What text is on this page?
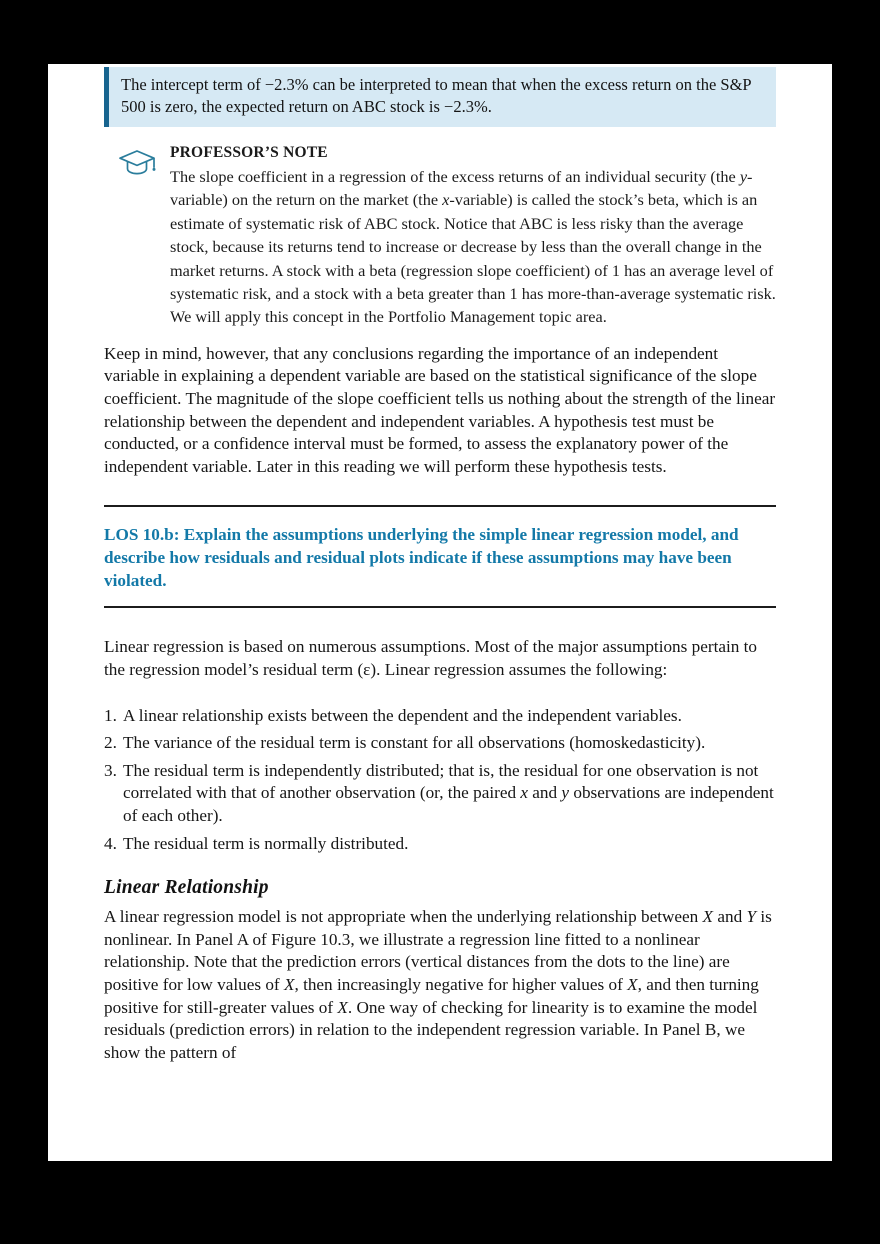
The intercept term of −2.3% can be interpreted to mean that when the excess return on the S&P 500 is zero, the expected return on ABC stock is −2.3%.
PROFESSOR’S NOTE

The slope coefficient in a regression of the excess returns of an individual security (the y-variable) on the return on the market (the x-variable) is called the stock’s beta, which is an estimate of systematic risk of ABC stock. Notice that ABC is less risky than the average stock, because its returns tend to increase or decrease by less than the overall change in the market returns. A stock with a beta (regression slope coefficient) of 1 has an average level of systematic risk, and a stock with a beta greater than 1 has more-than-average systematic risk. We will apply this concept in the Portfolio Management topic area.

Keep in mind, however, that any conclusions regarding the importance of an independent variable in explaining a dependent variable are based on the statistical significance of the slope coefficient. The magnitude of the slope coefficient tells us nothing about the strength of the linear relationship between the dependent and independent variables. A hypothesis test must be conducted, or a confidence interval must be formed, to assess the explanatory power of the independent variable. Later in this reading we will perform these hypothesis tests.

LOS 10.b: Explain the assumptions underlying the simple linear regression model, and describe how residuals and residual plots indicate if these assumptions may have been violated.

Linear regression is based on numerous assumptions. Most of the major assumptions pertain to the regression model’s residual term (ε). Linear regression assumes the following:

A linear relationship exists between the dependent and the independent variables.
The variance of the residual term is constant for all observations (homoskedasticity).
The residual term is independently distributed; that is, the residual for one observation is not correlated with that of another observation (or, the paired x and y observations are independent of each other).
The residual term is normally distributed.
Linear Relationship

A linear regression model is not appropriate when the underlying relationship between X and Y is nonlinear. In Panel A of Figure 10.3, we illustrate a regression line fitted to a nonlinear relationship. Note that the prediction errors (vertical distances from the dots to the line) are positive for low values of X, then increasingly negative for higher values of X, and then turning positive for still-greater values of X. One way of checking for linearity is to examine the model residuals (prediction errors) in relation to the independent regression variable. In Panel B, we show the pattern of
